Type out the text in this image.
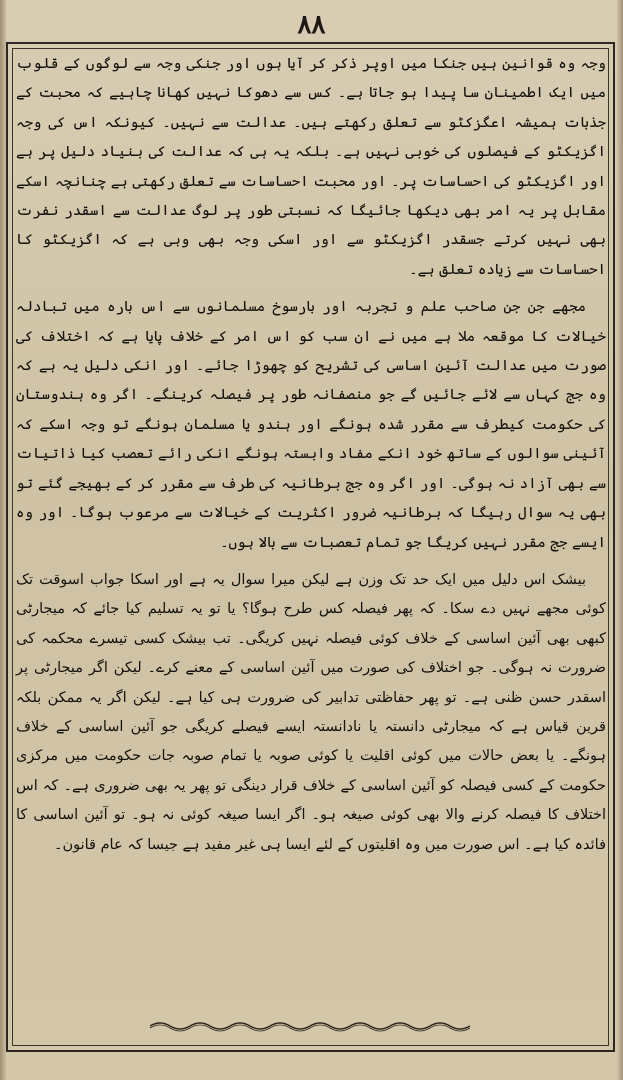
۸۸

وجہ وہ قوانین ہیں جنکا میں اوپر ذکر کر آیا ہوں اور جنکی وجہ سے لوگوں کے قلوب میں ایک اطمینان سا پیدا ہو جاتا ہے۔ کس سے دھوکا نہیں کھانا چاہیے کہ محبت کے جذبات ہمیشہ اعگزکٹو سے تعلق رکھتے ہیں۔ عدالت سے نہیں۔ کیونکہ اس کی وجہ اگزیکٹو کے فیصلوں کی خوبی نہیں ہے۔ بلکہ یہ ہی کہ عدالت کی بنیاد دلیل پر ہے اور اگزیکٹو کی احساسات پر۔ اور محبت احساسات سے تعلق رکھتی ہے چنانچہ اسکے مقابل پر یہ امر بھی دیکھا جائیگا کہ نسبتی طور پر لوگ عدالت سے اسقدر نفرت بھی نہیں کرتے جسقدر اگزیکٹو سے اور اسکی وجہ بھی وہی ہے کہ اگزیکٹو کا احساسات سے زیادہ تعلق ہے۔

مجھے جن جن صاحب علم و تجربہ اور بارسوخ مسلمانوں سے اس بارہ میں تبادلہ خیالات کا موقعہ ملا ہے میں نے ان سب کو اس امر کے خلاف پایا ہے کہ اختلاف کی صورت میں عدالت آئین اساسی کی تشریح کو چھوڑا جائے۔ اور انکی دلیل یہ ہے کہ وہ جج کہاں سے لائے جائیں گے جو منصفانہ طور پر فیصلہ کرینگے۔ اگر وہ ہندوستان کی حکومت کیطرف سے مقرر شدہ ہونگے اور ہندو یا مسلمان ہونگے تو وجہ اسکے کہ آئینی سوالوں کے ساتھ خود انکے مفاد وابستہ ہونگے انکی رائے تعصب کیا ذاتیات سے بھی آزاد نہ ہوگی۔ اور اگر وہ جج برطانیہ کی طرف سے مقرر کر کے بھیجے گئے تو بھی یہ سوال رہیگا کہ برطانیہ ضرور اکثریت کے خیالات سے مرعوب ہوگا۔ اور وہ ایسے جج مقرر نہیں کریگا جو تمام تعصبات سے بالا ہوں۔

بیشک اس دلیل میں ایک حد تک وزن ہے لیکن میرا سوال یہ ہے اور اسکا جواب اسوقت تک کوئی مجھے نہیں دے سکا۔ کہ پھر فیصلہ کس طرح ہوگا؟ یا تو یہ تسلیم کیا جائے کہ میجارٹی کبھی بھی آئین اساسی کے خلاف کوئی فیصلہ نہیں کریگی۔ تب بیشک کسی تیسرے محکمہ کی ضرورت نہ ہوگی۔ جو اختلاف کی صورت میں آئین اساسی کے معنے کرے۔ لیکن اگر میجارٹی پر اسقدر حسن ظنی ہے۔ تو پھر حفاظتی تدابیر کی ضرورت ہی کیا ہے۔ لیکن اگر یہ ممکن بلکہ قرین قیاس ہے کہ میجارٹی دانستہ یا نادانستہ ایسے فیصلے کریگی جو آئین اساسی کے خلاف ہونگے۔ یا بعض حالات میں کوئی اقلیت یا کوئی صوبہ یا تمام صوبہ جات حکومت میں مرکزی حکومت کے کسی فیصلہ کو آئین اساسی کے خلاف قرار دینگی تو پھر یہ بھی ضروری ہے۔ کہ اس اختلاف کا فیصلہ کرنے والا بھی کوئی صیغہ ہو۔ اگر ایسا صیغہ کوئی نہ ہو۔ تو آئین اساسی کا فائدہ کیا ہے۔ اس صورت میں وہ اقلیتوں کے لئے ایسا ہی غیر مفید ہے جیسا کہ عام قانون۔
